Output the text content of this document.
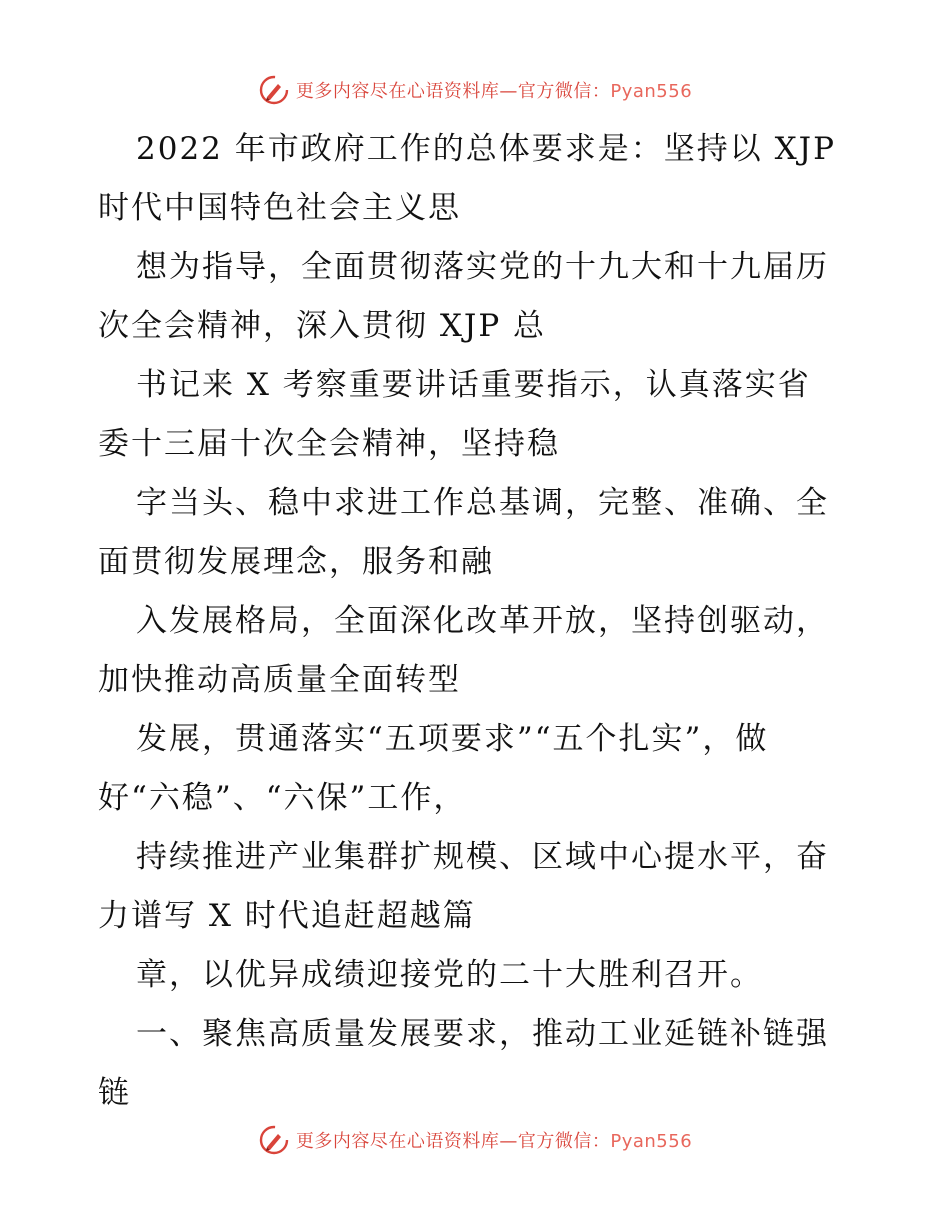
更多内容尽在心语资料库—官方微信：Pyan556
2022 年市政府工作的总体要求是：坚持以 XJP
时代中国特色社会主义思
想为指导，全面贯彻落实党的十九大和十九届历
次全会精神，深入贯彻 XJP 总
书记来 X 考察重要讲话重要指示，认真落实省
委十三届十次全会精神，坚持稳
字当头、稳中求进工作总基调，完整、准确、全
面贯彻发展理念，服务和融
入发展格局，全面深化改革开放，坚持创驱动，
加快推动高质量全面转型
发展，贯通落实“五项要求”“五个扎实”，做
好“六稳”、“六保”工作，
持续推进产业集群扩规模、区域中心提水平，奋
力谱写 X 时代追赶超越篇
章，以优异成绩迎接党的二十大胜利召开。
一、聚焦高质量发展要求，推动工业延链补链强
链
更多内容尽在心语资料库—官方微信：Pyan556
